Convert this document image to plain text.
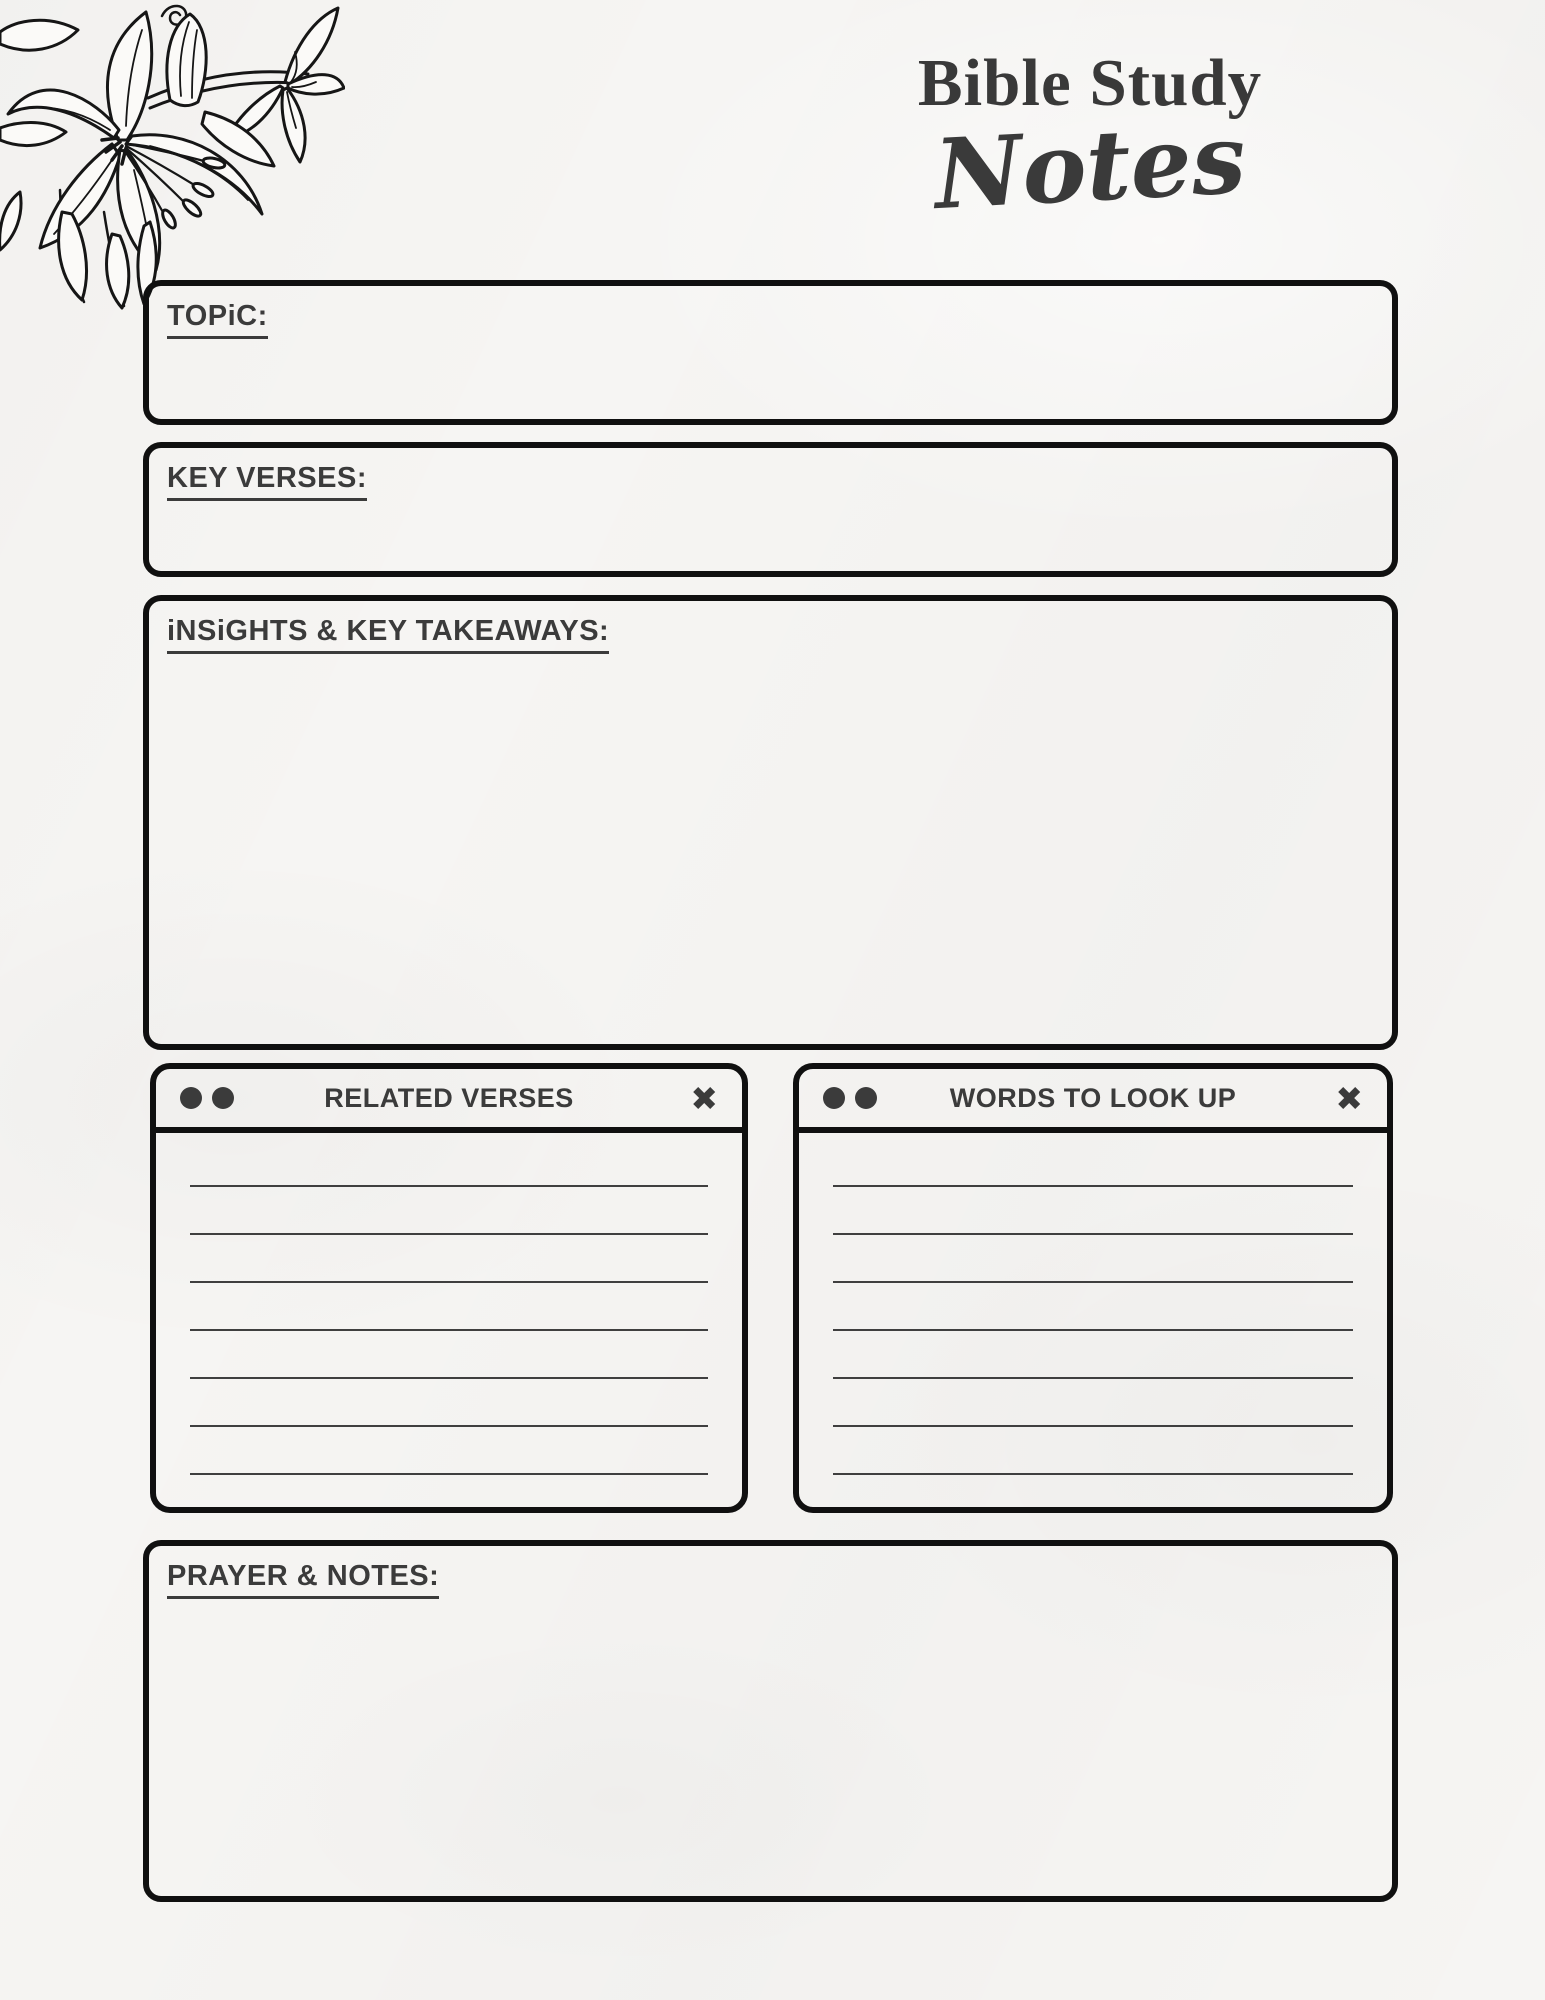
Bible Study
Notes
TOPiC:
KEY VERSES:
iNSiGHTS & KEY TAKEAWAYS:
RELATED VERSES	✖	WORDS TO LOOK UP	✖
PRAYER & NOTES:
